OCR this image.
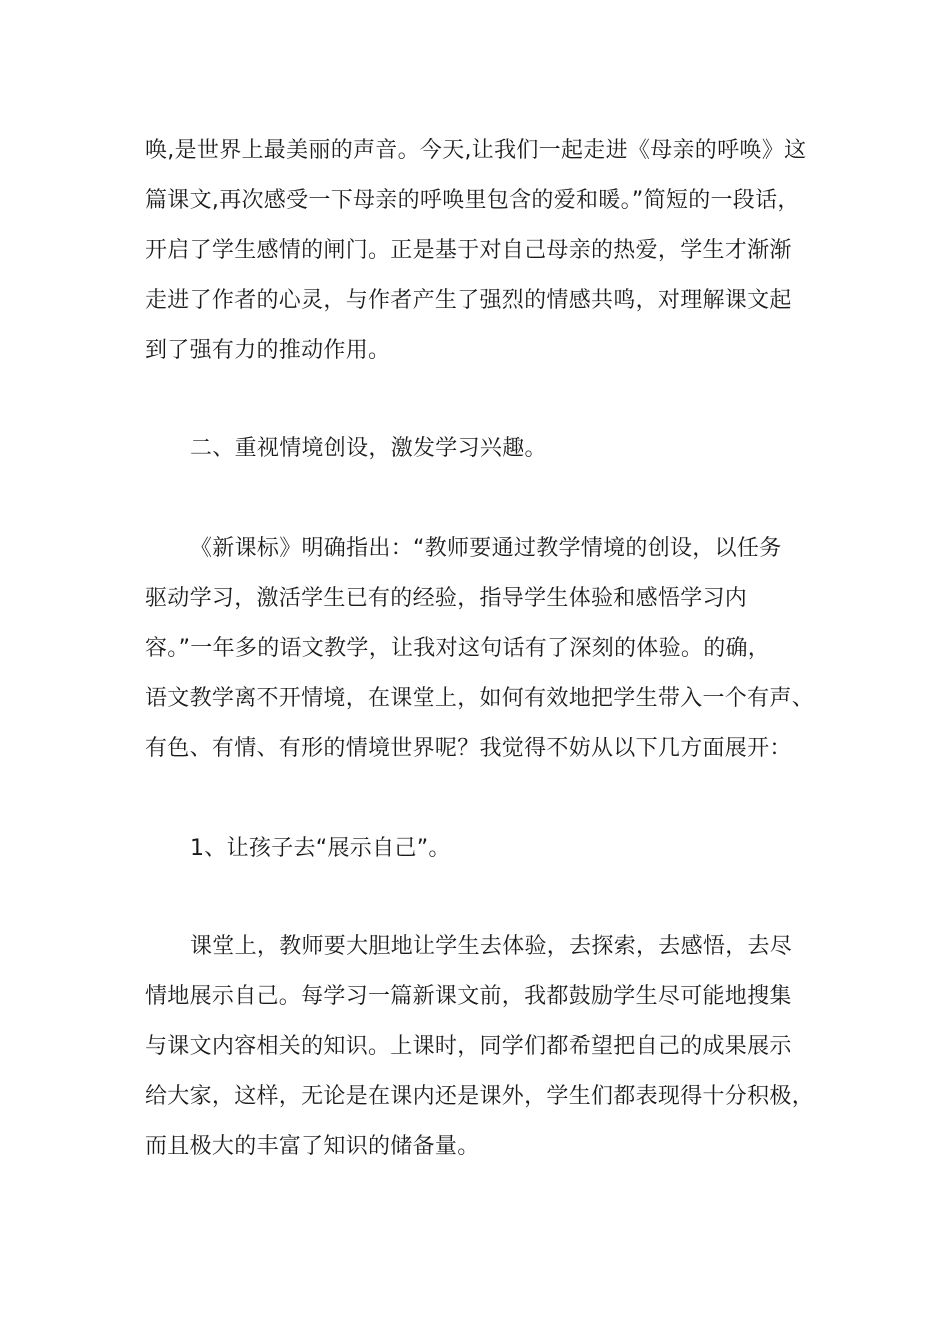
唤,是世界上最美丽的声音。今天,让我们一起走进《母亲的呼唤》这
篇课文,再次感受一下母亲的呼唤里包含的爱和暖。”简短的一段话，
开启了学生感情的闸门。正是基于对自己母亲的热爱，学生才渐渐
走进了作者的心灵，与作者产生了强烈的情感共鸣，对理解课文起
到了强有力的推动作用。
二、重视情境创设，激发学习兴趣。
《新课标》明确指出：“教师要通过教学情境的创设，以任务
驱动学习，激活学生已有的经验，指导学生体验和感悟学习内
容。”一年多的语文教学，让我对这句话有了深刻的体验。的确，
语文教学离不开情境，在课堂上，如何有效地把学生带入一个有声、
有色、有情、有形的情境世界呢？我觉得不妨从以下几方面展开：
1、让孩子去“展示自己”。
课堂上，教师要大胆地让学生去体验，去探索，去感悟，去尽
情地展示自己。每学习一篇新课文前，我都鼓励学生尽可能地搜集
与课文内容相关的知识。上课时，同学们都希望把自己的成果展示
给大家，这样，无论是在课内还是课外，学生们都表现得十分积极，
而且极大的丰富了知识的储备量。
